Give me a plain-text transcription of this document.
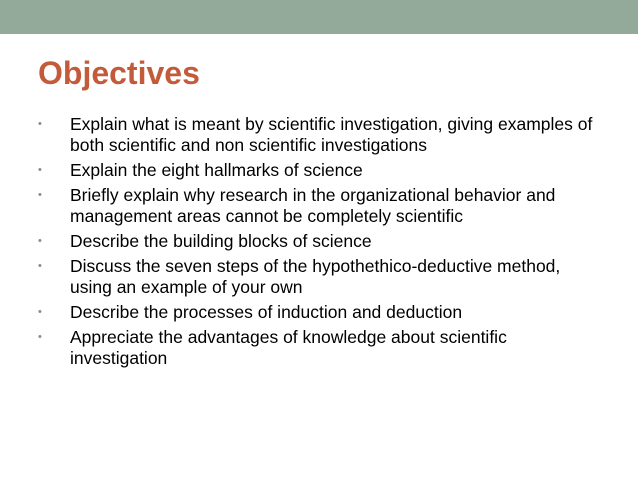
Objectives
• Explain what is meant by scientific investigation, giving examples of both scientific and non scientific investigations
• Explain the eight hallmarks of science
• Briefly explain why research in the organizational behavior and management areas cannot be completely scientific
• Describe the building blocks of science
• Discuss the seven steps of the hypothethico-deductive method, using an example of your own
• Describe the processes of induction and deduction
• Appreciate the advantages of knowledge about scientific investigation
